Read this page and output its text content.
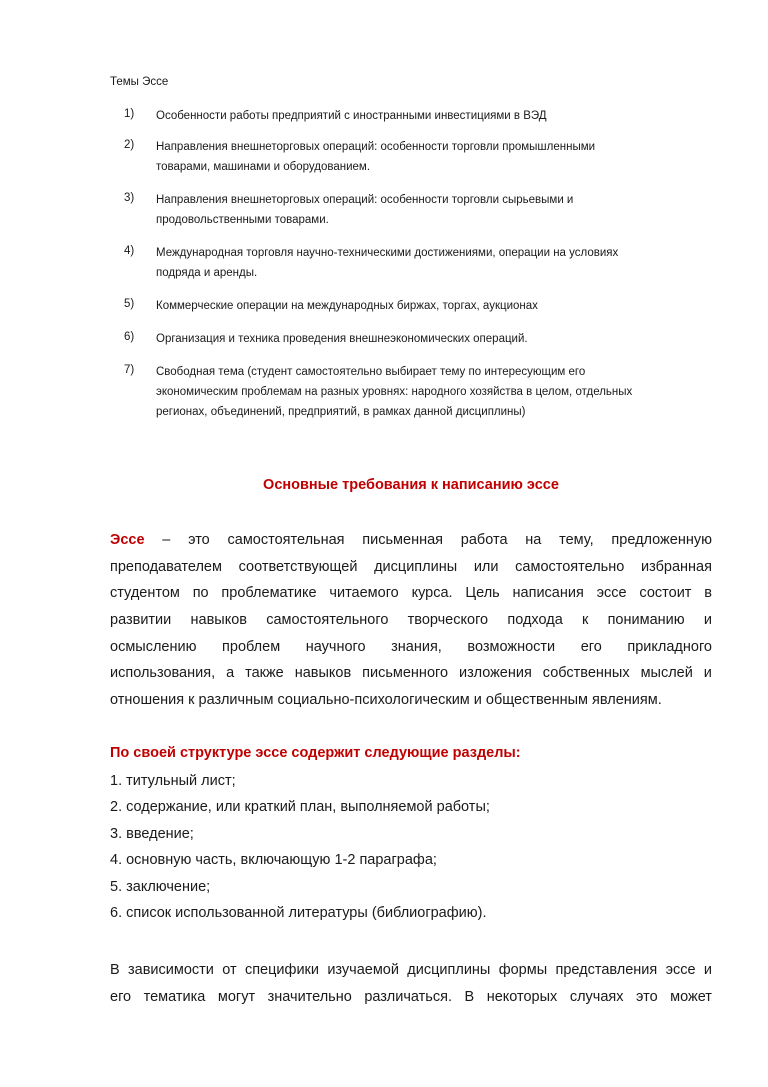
Темы Эссе
1)	Особенности работы предприятий с иностранными инвестициями в ВЭД
2)	Направления внешнеторговых операций: особенности торговли промышленными
товарами, машинами и оборудованием.
3)	Направления внешнеторговых операций: особенности торговли сырьевыми и
продовольственными товарами.
4)	Международная торговля научно-техническими достижениями, операции на условиях
подряда и аренды.
5)	Коммерческие операции на международных биржах, торгах, аукционах
6)	Организация и техника проведения внешнеэкономических операций.
7)	Свободная тема (студент самостоятельно выбирает тему по интересующим его
экономическим проблемам на разных уровнях: народного хозяйства в целом, отдельных
регионах, объединений, предприятий, в рамках данной дисциплины)
Основные требования к написанию эссе
Эссе – это самостоятельная письменная работа на тему, предложенную
преподавателем соответствующей дисциплины или самостоятельно избранная
студентом по проблематике читаемого курса. Цель написания эссе состоит в
развитии навыков самостоятельного творческого подхода к пониманию и
осмыслению проблем научного знания, возможности его прикладного
использования, а также навыков письменного изложения собственных мыслей и
отношения к различным социально-психологическим и общественным явлениям.
По своей структуре эссе содержит следующие разделы:
1. титульный лист;
2. содержание, или краткий план, выполняемой работы;
3. введение;
4. основную часть, включающую 1-2 параграфа;
5. заключение;
6. список использованной литературы (библиографию).
В зависимости от специфики изучаемой дисциплины формы представления эссе и
его тематика могут значительно различаться. В некоторых случаях это может
